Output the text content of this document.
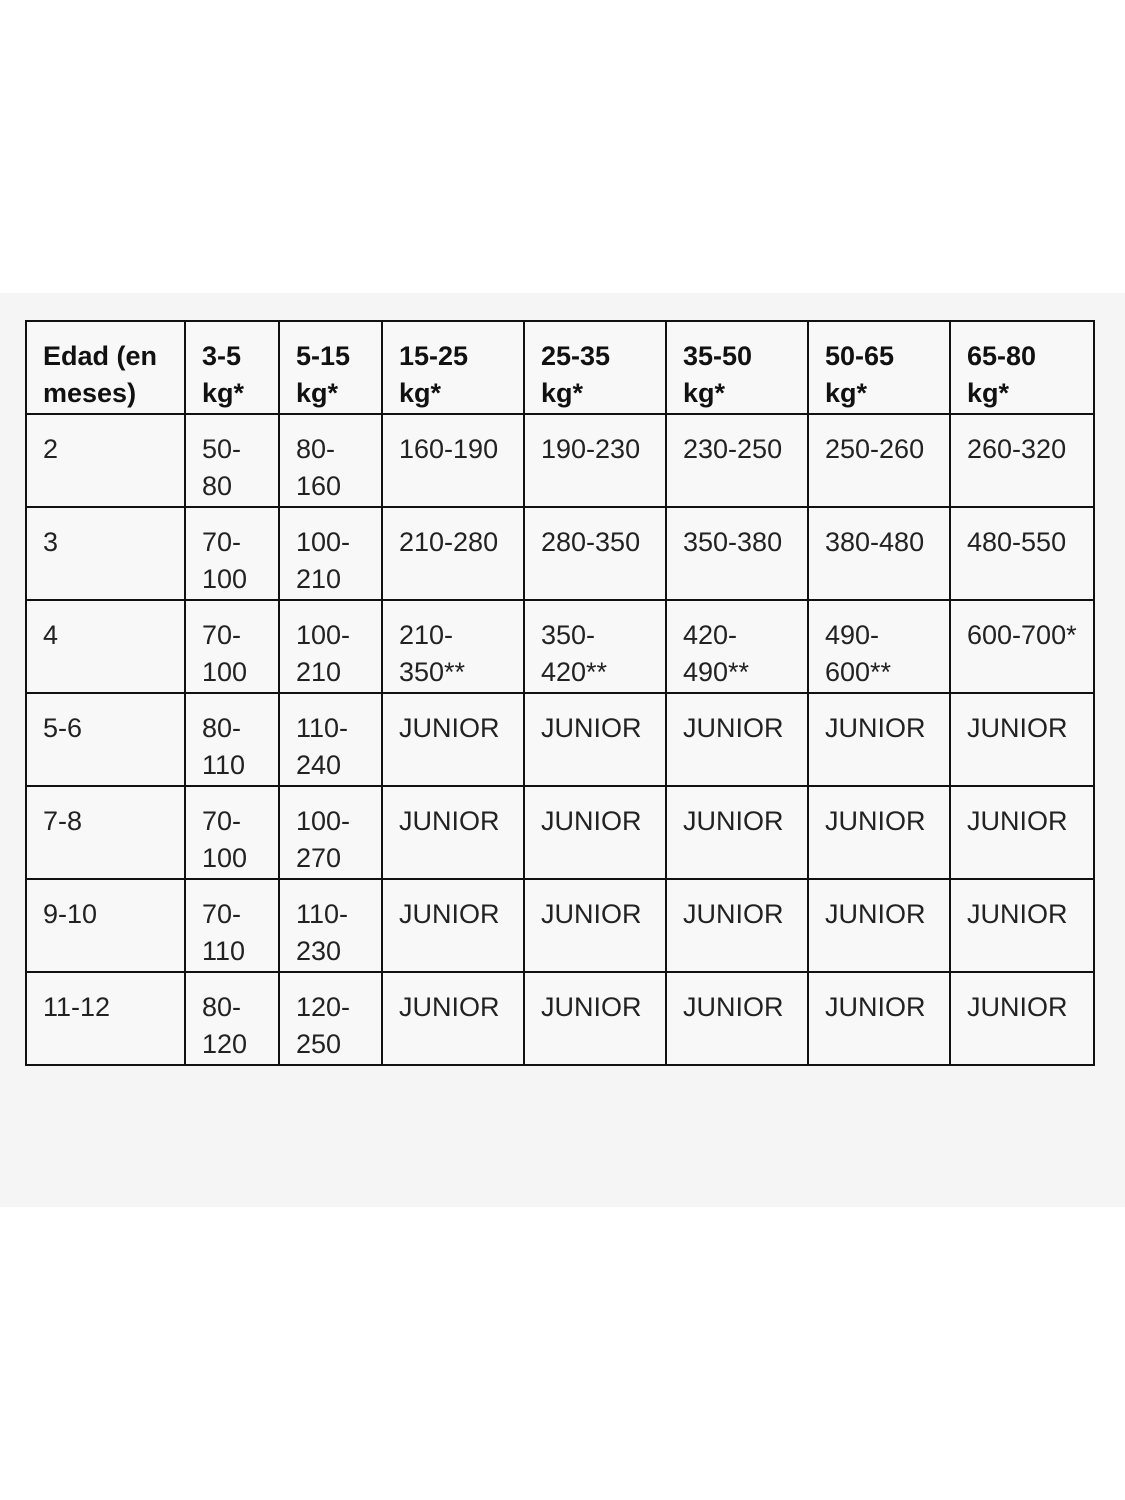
Edad (en meses)	3-5 kg*	5-15 kg*	15-25 kg*	25-35 kg*	35-50 kg*	50-65 kg*	65-80 kg*
2	50-80	80-160	160-190	190-230	230-250	250-260	260-320
3	70-100	100-210	210-280	280-350	350-380	380-480	480-550
4	70-100	100-210	210-350**	350-420**	420-490**	490-600**	600-700*
5-6	80-110	110-240	JUNIOR	JUNIOR	JUNIOR	JUNIOR	JUNIOR
7-8	70-100	100-270	JUNIOR	JUNIOR	JUNIOR	JUNIOR	JUNIOR
9-10	70-110	110-230	JUNIOR	JUNIOR	JUNIOR	JUNIOR	JUNIOR
11-12	80-120	120-250	JUNIOR	JUNIOR	JUNIOR	JUNIOR	JUNIOR
